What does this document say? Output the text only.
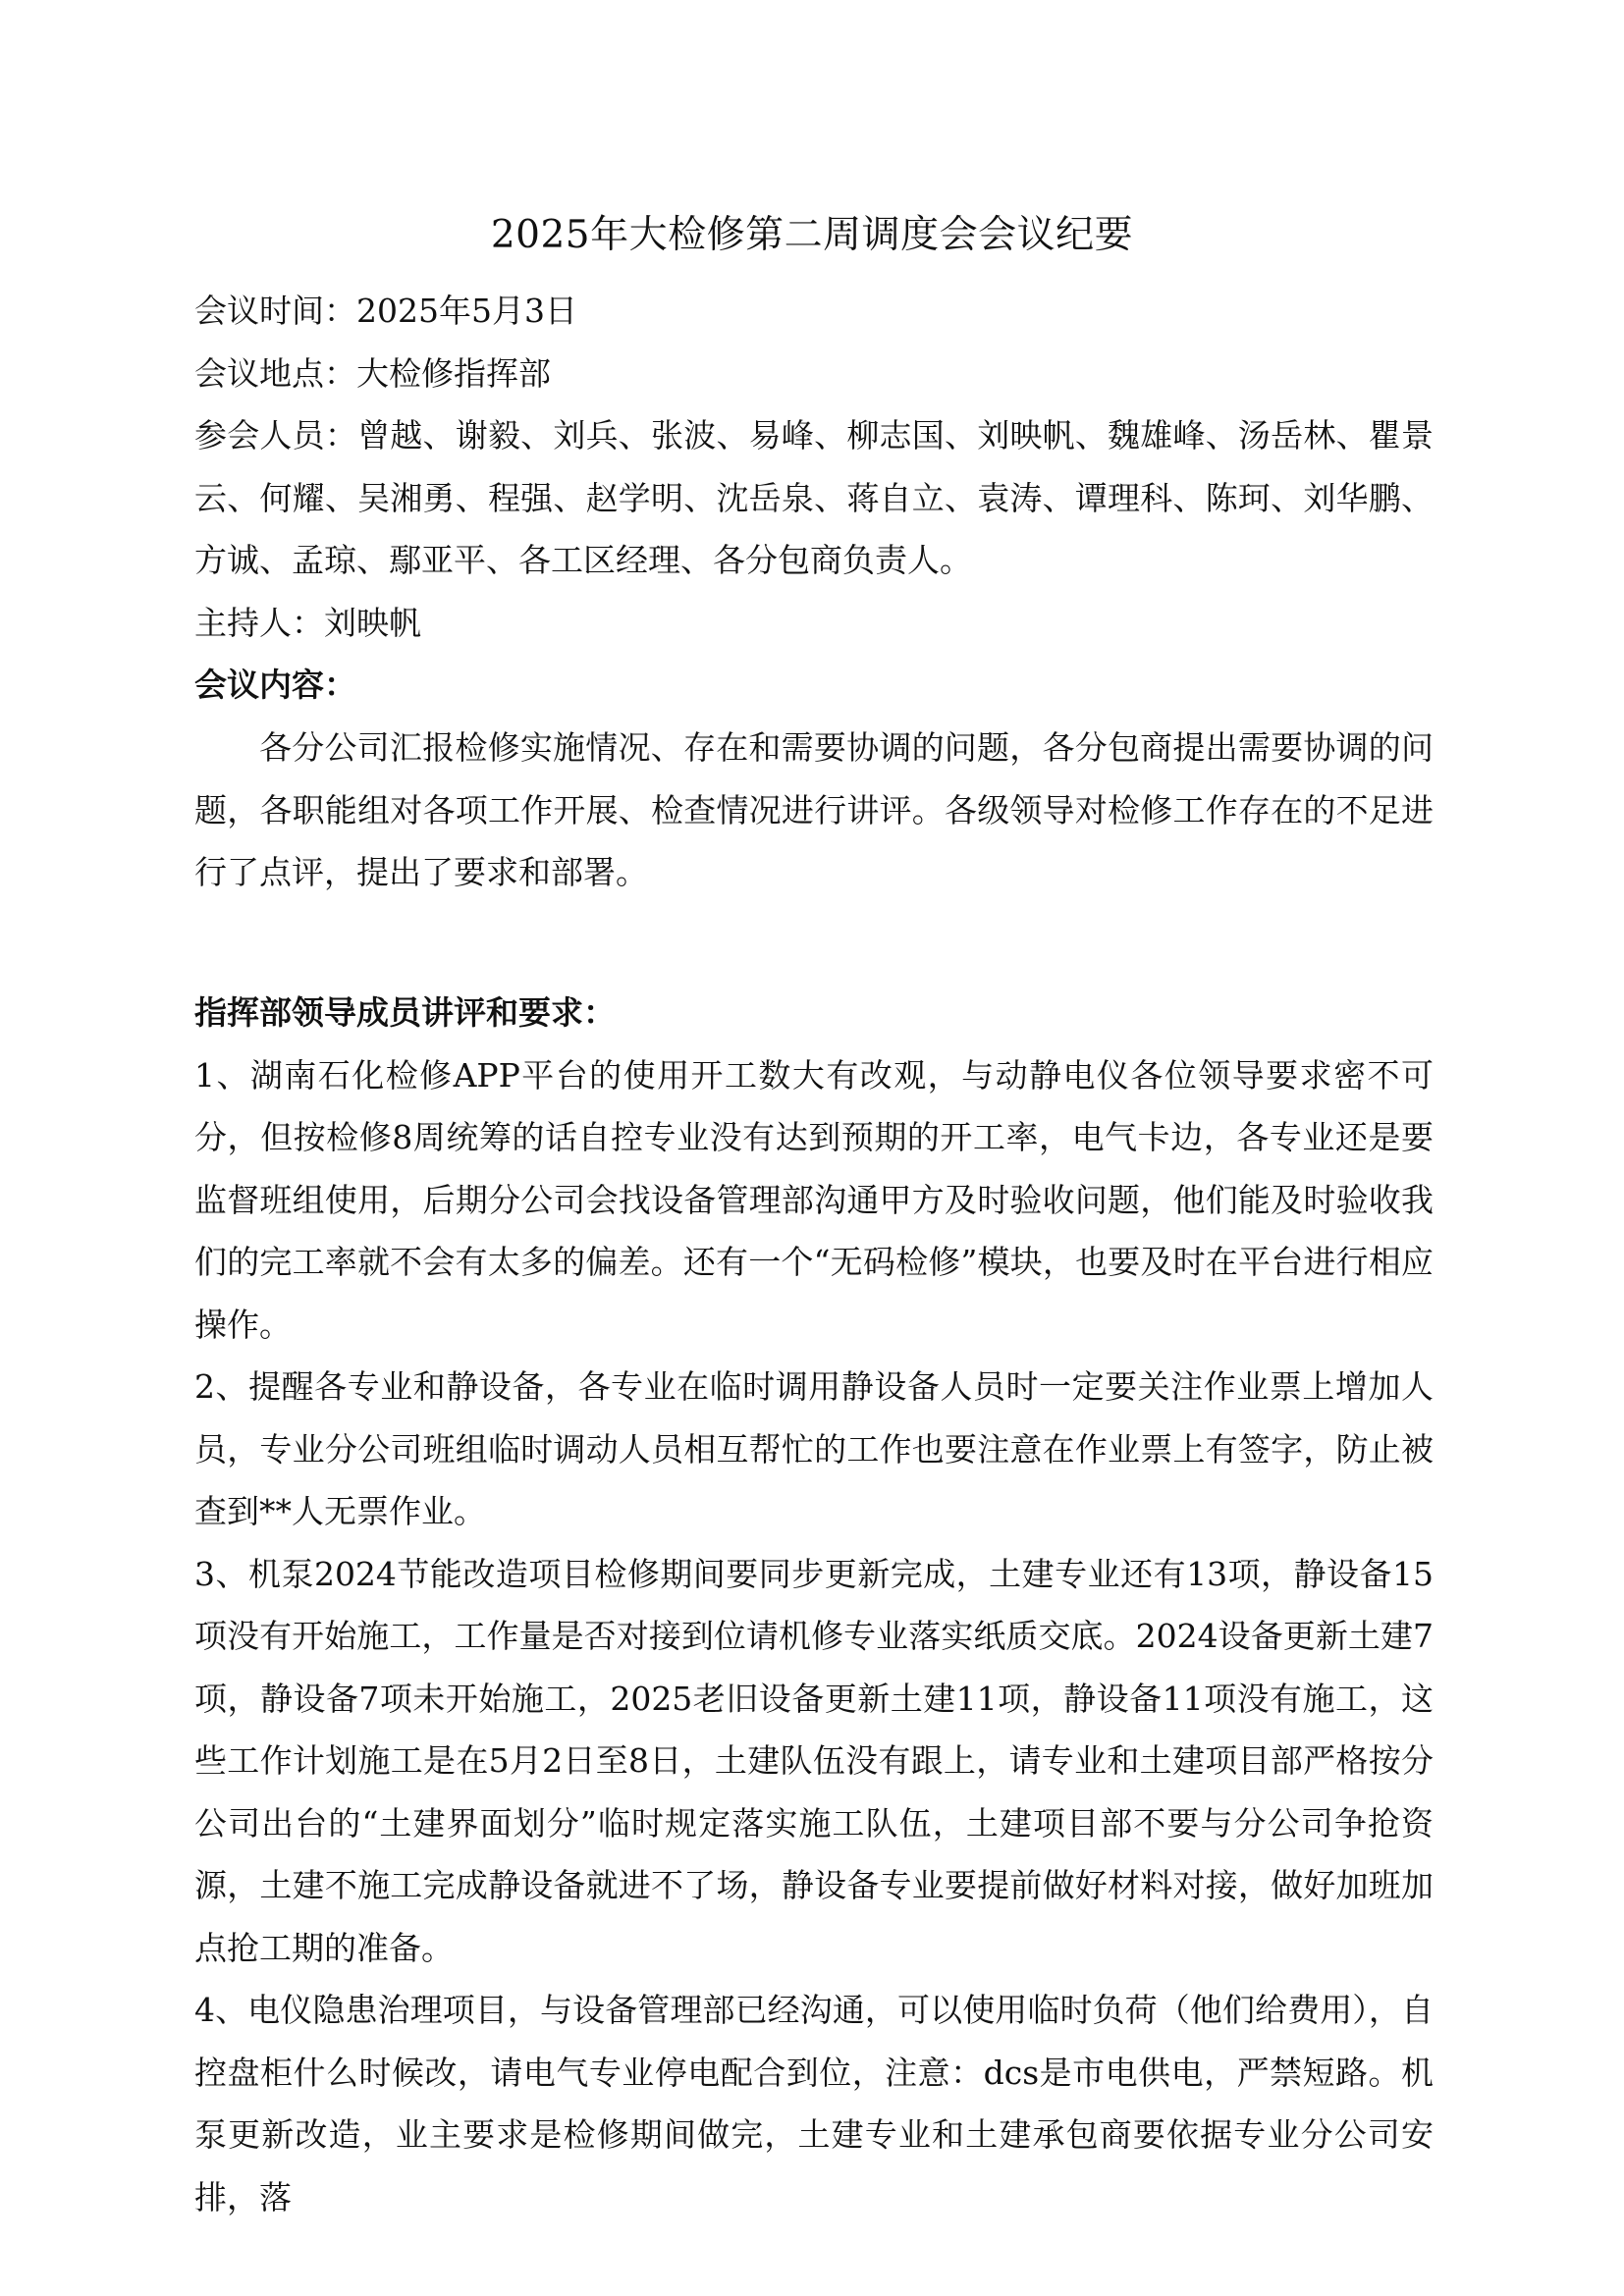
2025年大检修第二周调度会会议纪要

会议时间：2025年5月3日

会议地点：大检修指挥部

参会人员：曾越、谢毅、刘兵、张波、易峰、柳志国、刘映帆、魏雄峰、汤岳林、瞿景云、何耀、吴湘勇、程强、赵学明、沈岳泉、蒋自立、袁涛、谭理科、陈珂、刘华鹏、方诚、孟琼、鄢亚平、各工区经理、各分包商负责人。

主持人：刘映帆

会议内容：

各分公司汇报检修实施情况、存在和需要协调的问题，各分包商提出需要协调的问题，各职能组对各项工作开展、检查情况进行讲评。各级领导对检修工作存在的不足进行了点评，提出了要求和部署。

指挥部领导成员讲评和要求：

1、湖南石化检修APP平台的使用开工数大有改观，与动静电仪各位领导要求密不可分，但按检修8周统筹的话自控专业没有达到预期的开工率，电气卡边，各专业还是要监督班组使用，后期分公司会找设备管理部沟通甲方及时验收问题，他们能及时验收我们的完工率就不会有太多的偏差。还有一个“无码检修”模块，也要及时在平台进行相应操作。

2、提醒各专业和静设备，各专业在临时调用静设备人员时一定要关注作业票上增加人员，专业分公司班组临时调动人员相互帮忙的工作也要注意在作业票上有签字，防止被查到**人无票作业。

3、机泵2024节能改造项目检修期间要同步更新完成，土建专业还有13项，静设备15项没有开始施工，工作量是否对接到位请机修专业落实纸质交底。2024设备更新土建7项，静设备7项未开始施工，2025老旧设备更新土建11项，静设备11项没有施工，这些工作计划施工是在5月2日至8日，土建队伍没有跟上，请专业和土建项目部严格按分公司出台的“土建界面划分”临时规定落实施工队伍，土建项目部不要与分公司争抢资源，土建不施工完成静设备就进不了场，静设备专业要提前做好材料对接，做好加班加点抢工期的准备。

4、电仪隐患治理项目，与设备管理部已经沟通，可以使用临时负荷（他们给费用），自控盘柜什么时候改，请电气专业停电配合到位，注意：dcs是市电供电，严禁短路。机泵更新改造，业主要求是检修期间做完，土建专业和土建承包商要依据专业分公司安排，落
